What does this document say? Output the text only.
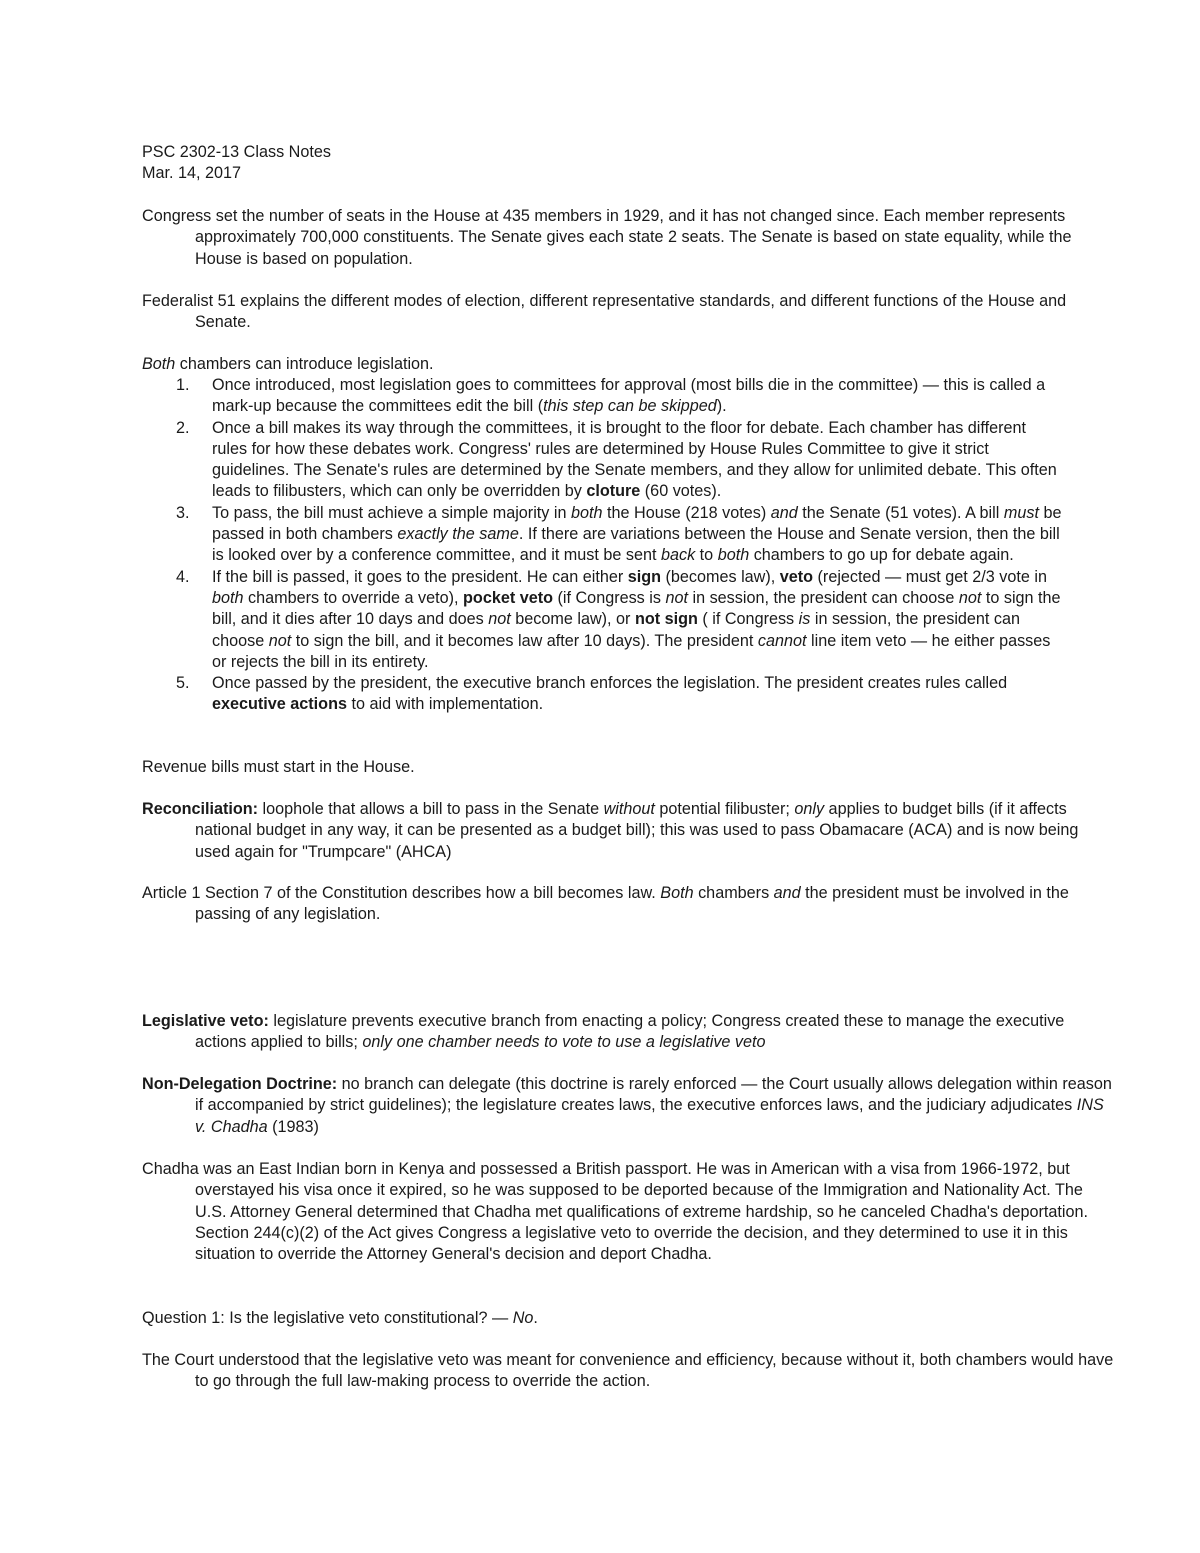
PSC 2302-13 Class Notes
Mar. 14, 2017

Congress set the number of seats in the House at 435 members in 1929, and it has not changed since. Each member represents approximately 700,000 constituents. The Senate gives each state 2 seats. The Senate is based on state equality, while the House is based on population.

Federalist 51 explains the different modes of election, different representative standards, and different functions of the House and Senate.

Both chambers can introduce legislation.

1. Once introduced, most legislation goes to committees for approval (most bills die in the committee) — this is called a mark-up because the committees edit the bill (this step can be skipped).
2. Once a bill makes its way through the committees, it is brought to the floor for debate. Each chamber has different rules for how these debates work. Congress' rules are determined by House Rules Committee to give it strict guidelines. The Senate's rules are determined by the Senate members, and they allow for unlimited debate. This often leads to filibusters, which can only be overridden by cloture (60 votes).
3. To pass, the bill must achieve a simple majority in both the House (218 votes) and the Senate (51 votes). A bill must be passed in both chambers exactly the same. If there are variations between the House and Senate version, then the bill is looked over by a conference committee, and it must be sent back to both chambers to go up for debate again.
4. If the bill is passed, it goes to the president. He can either sign (becomes law), veto (rejected — must get 2/3 vote in both chambers to override a veto), pocket veto (if Congress is not in session, the president can choose not to sign the bill, and it dies after 10 days and does not become law), or not sign ( if Congress is in session, the president can choose not to sign the bill, and it becomes law after 10 days). The president cannot line item veto — he either passes or rejects the bill in its entirety.
5. Once passed by the president, the executive branch enforces the legislation. The president creates rules called executive actions to aid with implementation.

Revenue bills must start in the House.

Reconciliation: loophole that allows a bill to pass in the Senate without potential filibuster; only applies to budget bills (if it affects national budget in any way, it can be presented as a budget bill); this was used to pass Obamacare (ACA) and is now being used again for "Trumpcare" (AHCA)

Article 1 Section 7 of the Constitution describes how a bill becomes law. Both chambers and the president must be involved in the passing of any legislation.

Legislative veto: legislature prevents executive branch from enacting a policy; Congress created these to manage the executive actions applied to bills; only one chamber needs to vote to use a legislative veto

Non-Delegation Doctrine: no branch can delegate (this doctrine is rarely enforced — the Court usually allows delegation within reason if accompanied by strict guidelines); the legislature creates laws, the executive enforces laws, and the judiciary adjudicates INS v. Chadha (1983)

Chadha was an East Indian born in Kenya and possessed a British passport. He was in American with a visa from 1966-1972, but overstayed his visa once it expired, so he was supposed to be deported because of the Immigration and Nationality Act. The U.S. Attorney General determined that Chadha met qualifications of extreme hardship, so he canceled Chadha's deportation. Section 244(c)(2) of the Act gives Congress a legislative veto to override the decision, and they determined to use it in this situation to override the Attorney General's decision and deport Chadha.

Question 1: Is the legislative veto constitutional? — No.

The Court understood that the legislative veto was meant for convenience and efficiency, because without it, both chambers would have to go through the full law-making process to override the action.
